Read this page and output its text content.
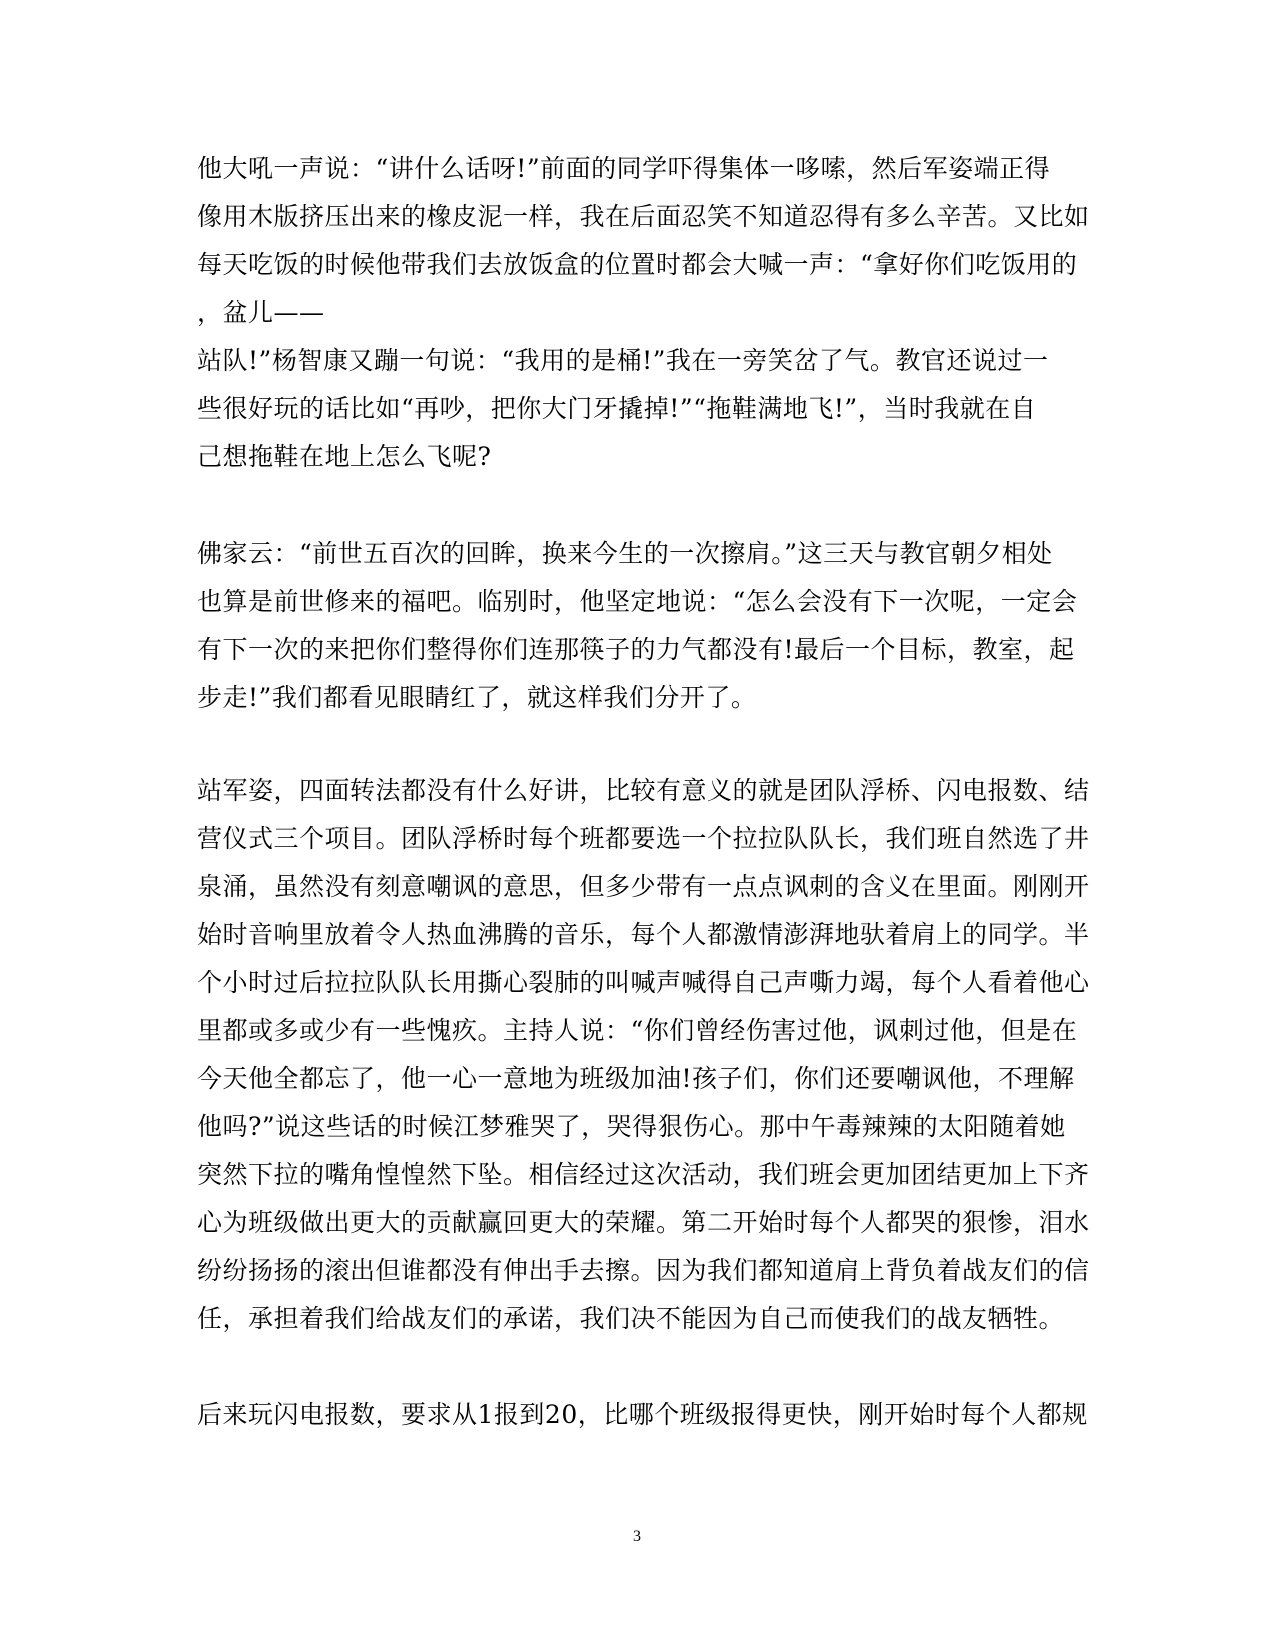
他大吼一声说：“讲什么话呀!”前面的同学吓得集体一哆嗦，然后军姿端正得
像用木版挤压出来的橡皮泥一样，我在后面忍笑不知道忍得有多么辛苦。又比如
每天吃饭的时候他带我们去放饭盒的位置时都会大喊一声：“拿好你们吃饭用的
，盆儿——
站队!”杨智康又蹦一句说：“我用的是桶!”我在一旁笑岔了气。教官还说过一
些很好玩的话比如“再吵，把你大门牙撬掉!”“拖鞋满地飞!”，当时我就在自
己想拖鞋在地上怎么飞呢?
佛家云：“前世五百次的回眸，换来今生的一次擦肩。”这三天与教官朝夕相处
也算是前世修来的福吧。临别时，他坚定地说：“怎么会没有下一次呢，一定会
有下一次的来把你们整得你们连那筷子的力气都没有!最后一个目标，教室，起
步走!”我们都看见眼睛红了，就这样我们分开了。
站军姿，四面转法都没有什么好讲，比较有意义的就是团队浮桥、闪电报数、结
营仪式三个项目。团队浮桥时每个班都要选一个拉拉队队长，我们班自然选了井
泉涌，虽然没有刻意嘲讽的意思，但多少带有一点点讽刺的含义在里面。刚刚开
始时音响里放着令人热血沸腾的音乐，每个人都激情澎湃地驮着肩上的同学。半
个小时过后拉拉队队长用撕心裂肺的叫喊声喊得自己声嘶力竭，每个人看着他心
里都或多或少有一些愧疚。主持人说：“你们曾经伤害过他，讽刺过他，但是在
今天他全都忘了，他一心一意地为班级加油!孩子们，你们还要嘲讽他，不理解
他吗?”说这些话的时候江梦雅哭了，哭得狠伤心。那中午毒辣辣的太阳随着她
突然下拉的嘴角惶惶然下坠。相信经过这次活动，我们班会更加团结更加上下齐
心为班级做出更大的贡献赢回更大的荣耀。第二开始时每个人都哭的狠惨，泪水
纷纷扬扬的滚出但谁都没有伸出手去擦。因为我们都知道肩上背负着战友们的信
任，承担着我们给战友们的承诺，我们决不能因为自己而使我们的战友牺牲。
后来玩闪电报数，要求从1报到20，比哪个班级报得更快，刚开始时每个人都规
3
